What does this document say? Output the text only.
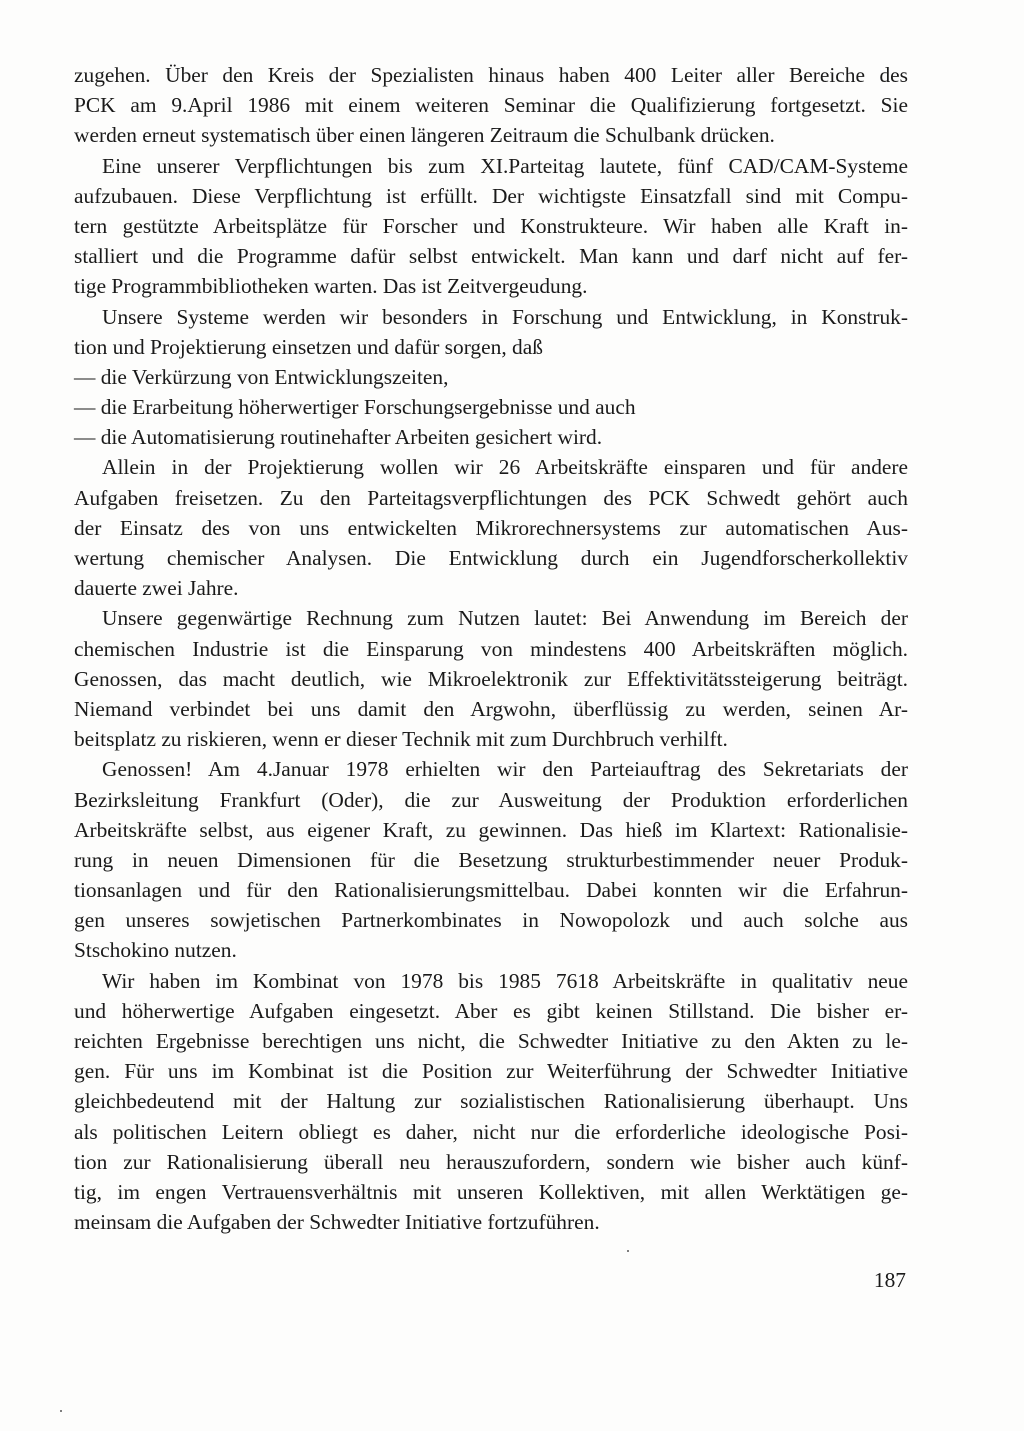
zugehen. Über den Kreis der Spezialisten hinaus haben 400 Leiter aller Bereiche des
PCK am 9.April 1986 mit einem weiteren Seminar die Qualifizierung fortgesetzt. Sie
werden erneut systematisch über einen längeren Zeitraum die Schulbank drücken.
Eine unserer Verpflichtungen bis zum XI.Parteitag lautete, fünf CAD/CAM-Systeme
aufzubauen. Diese Verpflichtung ist erfüllt. Der wichtigste Einsatzfall sind mit Compu-
tern gestützte Arbeitsplätze für Forscher und Konstrukteure. Wir haben alle Kraft in-
stalliert und die Programme dafür selbst entwickelt. Man kann und darf nicht auf fer-
tige Programmbibliotheken warten. Das ist Zeitvergeudung.
Unsere Systeme werden wir besonders in Forschung und Entwicklung, in Konstruk-
tion und Projektierung einsetzen und dafür sorgen, daß
— die Verkürzung von Entwicklungszeiten,
— die Erarbeitung höherwertiger Forschungsergebnisse und auch
— die Automatisierung routinehafter Arbeiten gesichert wird.
Allein in der Projektierung wollen wir 26 Arbeitskräfte einsparen und für andere
Aufgaben freisetzen. Zu den Parteitagsverpflichtungen des PCK Schwedt gehört auch
der Einsatz des von uns entwickelten Mikrorechnersystems zur automatischen Aus-
wertung chemischer Analysen. Die Entwicklung durch ein Jugendforscherkollektiv
dauerte zwei Jahre.
Unsere gegenwärtige Rechnung zum Nutzen lautet: Bei Anwendung im Bereich der
chemischen Industrie ist die Einsparung von mindestens 400 Arbeitskräften möglich.
Genossen, das macht deutlich, wie Mikroelektronik zur Effektivitätssteigerung beiträgt.
Niemand verbindet bei uns damit den Argwohn, überflüssig zu werden, seinen Ar-
beitsplatz zu riskieren, wenn er dieser Technik mit zum Durchbruch verhilft.
Genossen! Am 4.Januar 1978 erhielten wir den Parteiauftrag des Sekretariats der
Bezirksleitung Frankfurt (Oder), die zur Ausweitung der Produktion erforderlichen
Arbeitskräfte selbst, aus eigener Kraft, zu gewinnen. Das hieß im Klartext: Rationalisie-
rung in neuen Dimensionen für die Besetzung strukturbestimmender neuer Produk-
tionsanlagen und für den Rationalisierungsmittelbau. Dabei konnten wir die Erfahrun-
gen unseres sowjetischen Partnerkombinates in Nowopolozk und auch solche aus
Stschokino nutzen.
Wir haben im Kombinat von 1978 bis 1985 7618 Arbeitskräfte in qualitativ neue
und höherwertige Aufgaben eingesetzt. Aber es gibt keinen Stillstand. Die bisher er-
reichten Ergebnisse berechtigen uns nicht, die Schwedter Initiative zu den Akten zu le-
gen. Für uns im Kombinat ist die Position zur Weiterführung der Schwedter Initiative
gleichbedeutend mit der Haltung zur sozialistischen Rationalisierung überhaupt. Uns
als politischen Leitern obliegt es daher, nicht nur die erforderliche ideologische Posi-
tion zur Rationalisierung überall neu herauszufordern, sondern wie bisher auch künf-
tig, im engen Vertrauensverhältnis mit unseren Kollektiven, mit allen Werktätigen ge-
meinsam die Aufgaben der Schwedter Initiative fortzuführen.
187
